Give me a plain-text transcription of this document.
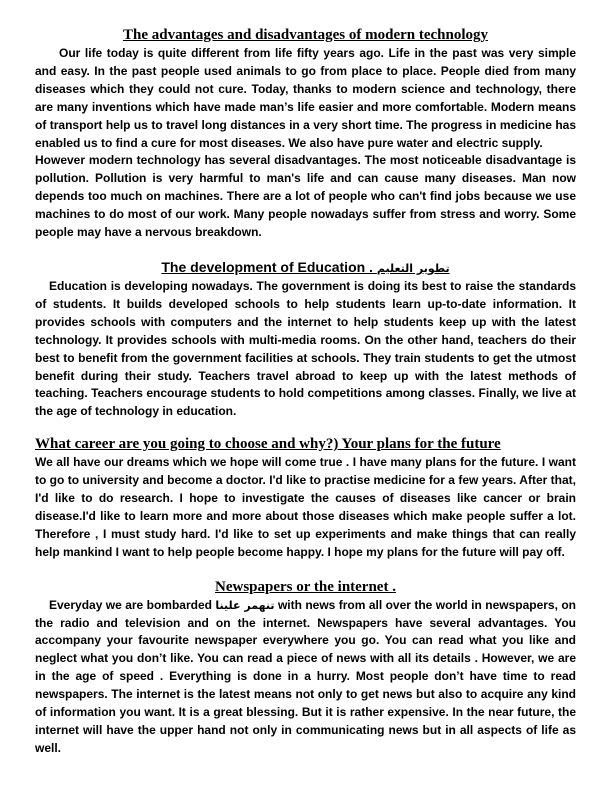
The advantages and disadvantages of modern technology

Our life today is quite different from life fifty years ago. Life in the past was very simple and easy. In the past people used animals to go from place to place. People died from many diseases which they could not cure. Today, thanks to modern science and technology, there are many inventions which have made man’s life easier and more comfortable. Modern means of transport help us to travel long distances in a very short time. The progress in medicine has enabled us to find a cure for most diseases. We also have pure water and electric supply.

However modern technology has several disadvantages. The most noticeable disadvantage is pollution. Pollution is very harmful to man's life and can cause many diseases. Man now depends too much on machines. There are a lot of people who can't find jobs because we use machines to do most of our work. Many people nowadays suffer from stress and worry. Some people may have a nervous breakdown.

The development of Education . تطوير التعليم

Education is developing nowadays. The government is doing its best to raise the standards of students. It builds developed schools to help students learn up-to-date information. It provides schools with computers and the internet to help students keep up with the latest technology. It provides schools with multi-media rooms. On the other hand, teachers do their best to benefit from the government facilities at schools. They train students to get the utmost benefit during their study. Teachers travel abroad to keep up with the latest methods of teaching. Teachers encourage students to hold competitions among classes. Finally, we live at the age of technology in education.

What career are you going to choose and why?) Your plans for the future

We all have our dreams which we hope will come true . I have many plans for the future. I want to go to university and become a doctor. I'd like to practise medicine for a few years. After that, I'd like to do research. I hope to investigate the causes of diseases like cancer or brain disease.I'd like to learn more and more about those diseases which make people suffer a lot. Therefore , I must study hard. I'd like to set up experiments and make things that can really help mankind I want to help people become happy. I hope my plans for the future will pay off.

Newspapers or the internet .

Everyday we are bombarded تنهمر علينا with news from all over the world in newspapers, on the radio and television and on the internet. Newspapers have several advantages. You accompany your favourite newspaper everywhere you go. You can read what you like and neglect what you don’t like. You can read a piece of news with all its details . However, we are in the age of speed . Everything is done in a hurry. Most people don’t have time to read newspapers. The internet is the latest means not only to get news but also to acquire any kind of information you want. It is a great blessing. But it is rather expensive. In the near future, the internet will have the upper hand not only in communicating news but in all aspects of life as well.
